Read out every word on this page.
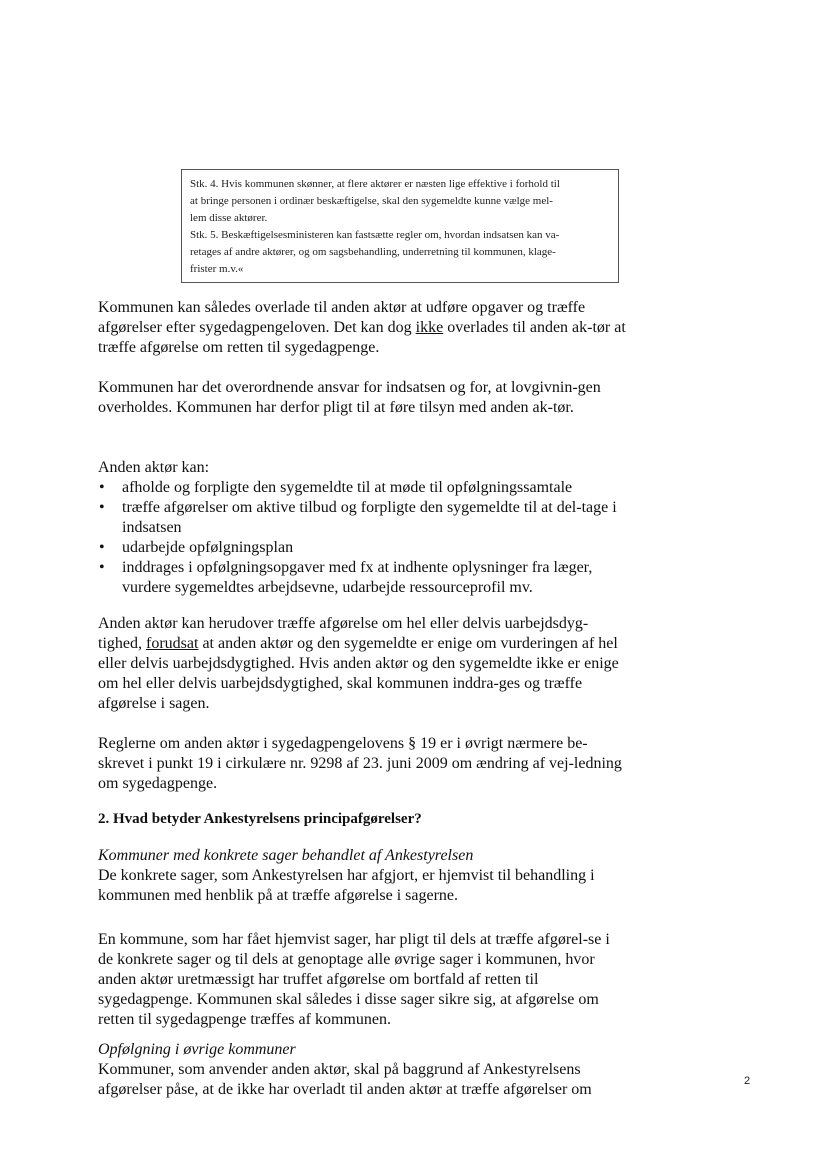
Stk. 4. Hvis kommunen skønner, at flere aktører er næsten lige effektive i forhold til

at bringe personen i ordinær beskæftigelse, skal den sygemeldte kunne vælge mel-

lem disse aktører.

Stk. 5. Beskæftigelsesministeren kan fastsætte regler om, hvordan indsatsen kan va-

retages af andre aktører, og om sagsbehandling, underretning til kommunen, klage-

frister m.v.«

Kommunen kan således overlade til anden aktør at udføre opgaver og træffe afgørelser efter sygedagpengeloven. Det kan dog ikke overlades til anden ak-tør at træffe afgørelse om retten til sygedagpenge.

Kommunen har det overordnende ansvar for indsatsen og for, at lovgivnin-gen overholdes. Kommunen har derfor pligt til at føre tilsyn med anden ak-tør.

Anden aktør kan:

• afholde og forpligte den sygemeldte til at møde til opfølgningssamtale
• træffe afgørelser om aktive tilbud og forpligte den sygemeldte til at del-tage i indsatsen
• udarbejde opfølgningsplan
• inddrages i opfølgningsopgaver med fx at indhente oplysninger fra læger, vurdere sygemeldtes arbejdsevne, udarbejde ressourceprofil mv.

Anden aktør kan herudover træffe afgørelse om hel eller delvis uarbejdsdyg-tighed, forudsat at anden aktør og den sygemeldte er enige om vurderingen af hel eller delvis uarbejdsdygtighed. Hvis anden aktør og den sygemeldte ikke er enige om hel eller delvis uarbejdsdygtighed, skal kommunen inddra-ges og træffe afgørelse i sagen.

Reglerne om anden aktør i sygedagpengelovens § 19 er i øvrigt nærmere be-skrevet i punkt 19 i cirkulære nr. 9298 af 23. juni 2009 om ændring af vej-ledning om sygedagpenge.

2. Hvad betyder Ankestyrelsens principafgørelser?

Kommuner med konkrete sager behandlet af Ankestyrelsen

De konkrete sager, som Ankestyrelsen har afgjort, er hjemvist til behandling i kommunen med henblik på at træffe afgørelse i sagerne.

En kommune, som har fået hjemvist sager, har pligt til dels at træffe afgørel-se i de konkrete sager og til dels at genoptage alle øvrige sager i kommunen, hvor anden aktør uretmæssigt har truffet afgørelse om bortfald af retten til sygedagpenge. Kommunen skal således i disse sager sikre sig, at afgørelse om retten til sygedagpenge træffes af kommunen.

Opfølgning i øvrige kommuner

Kommuner, som anvender anden aktør, skal på baggrund af Ankestyrelsens afgørelser påse, at de ikke har overladt til anden aktør at træffe afgørelser om	2
